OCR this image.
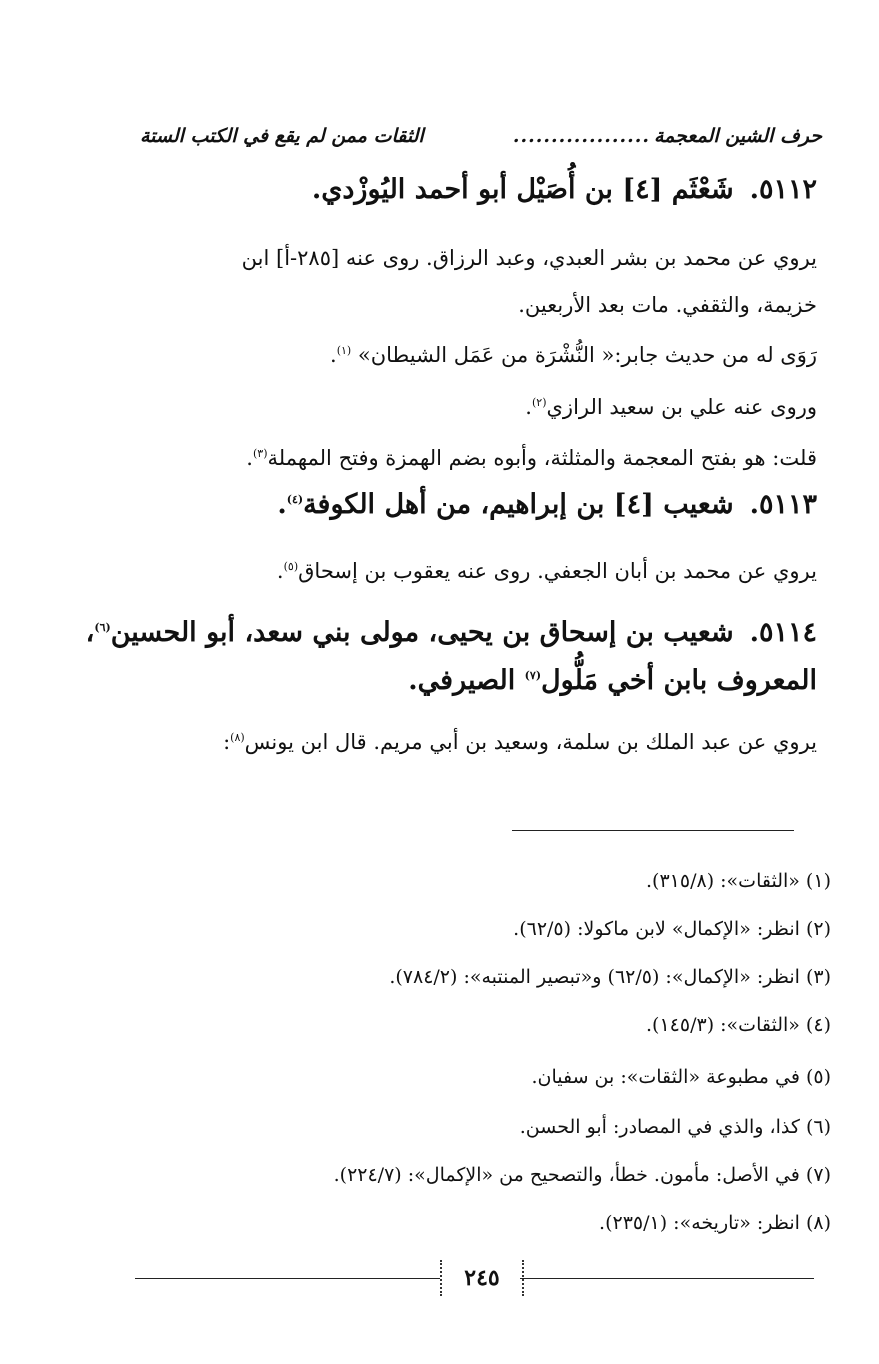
حرف الشين المعجمة
..................
الثقات ممن لم يقع في الكتب الستة
٥١١٢.شَعْثَم [٤] بن أُصَيْل أبو أحمد اليُوزْدي.
يروي عن محمد بن بشر العبدي، وعبد الرزاق. روى عنه [٢٨٥-أ] ابن
خزيمة، والثقفي. مات بعد الأربعين.
رَوَى له من حديث جابر:« النُّشْرَة من عَمَل الشيطان» $^{(١)}$.
وروى عنه علي بن سعيد الرازي$^{(٢)}$.
قلت: هو بفتح المعجمة والمثلثة، وأبوه بضم الهمزة وفتح المهملة$^{(٣)}$.
٥١١٣.شعيب [٤] بن إبراهيم، من أهل الكوفة$^{(٤)}$.
يروي عن محمد بن أبان الجعفي. روى عنه يعقوب بن إسحاق$^{(٥)}$.
٥١١٤.شعيب بن إسحاق بن يحيى، مولى بني سعد، أبو الحسين$^{(٦)}$،
المعروف بابن أخي مَلُّول$^{(٧)}$ الصيرفي.
يروي عن عبد الملك بن سلمة، وسعيد بن أبي مريم. قال ابن يونس$^{(٨)}$:
(١) «الثقات»: (٣١٥/٨).
(٢) انظر: «الإكمال» لابن ماكولا: (٦٢/٥).
(٣) انظر: «الإكمال»: (٦٢/٥) و«تبصير المنتبه»: (٧٨٤/٢).
(٤) «الثقات»: (١٤٥/٣).
(٥) في مطبوعة «الثقات»: بن سفيان.
(٦) كذا، والذي في المصادر: أبو الحسن.
(٧) في الأصل: مأمون. خطأ، والتصحيح من «الإكمال»: (٢٢٤/٧).
(٨) انظر: «تاريخه»: (٢٣٥/١).
٢٤٥
